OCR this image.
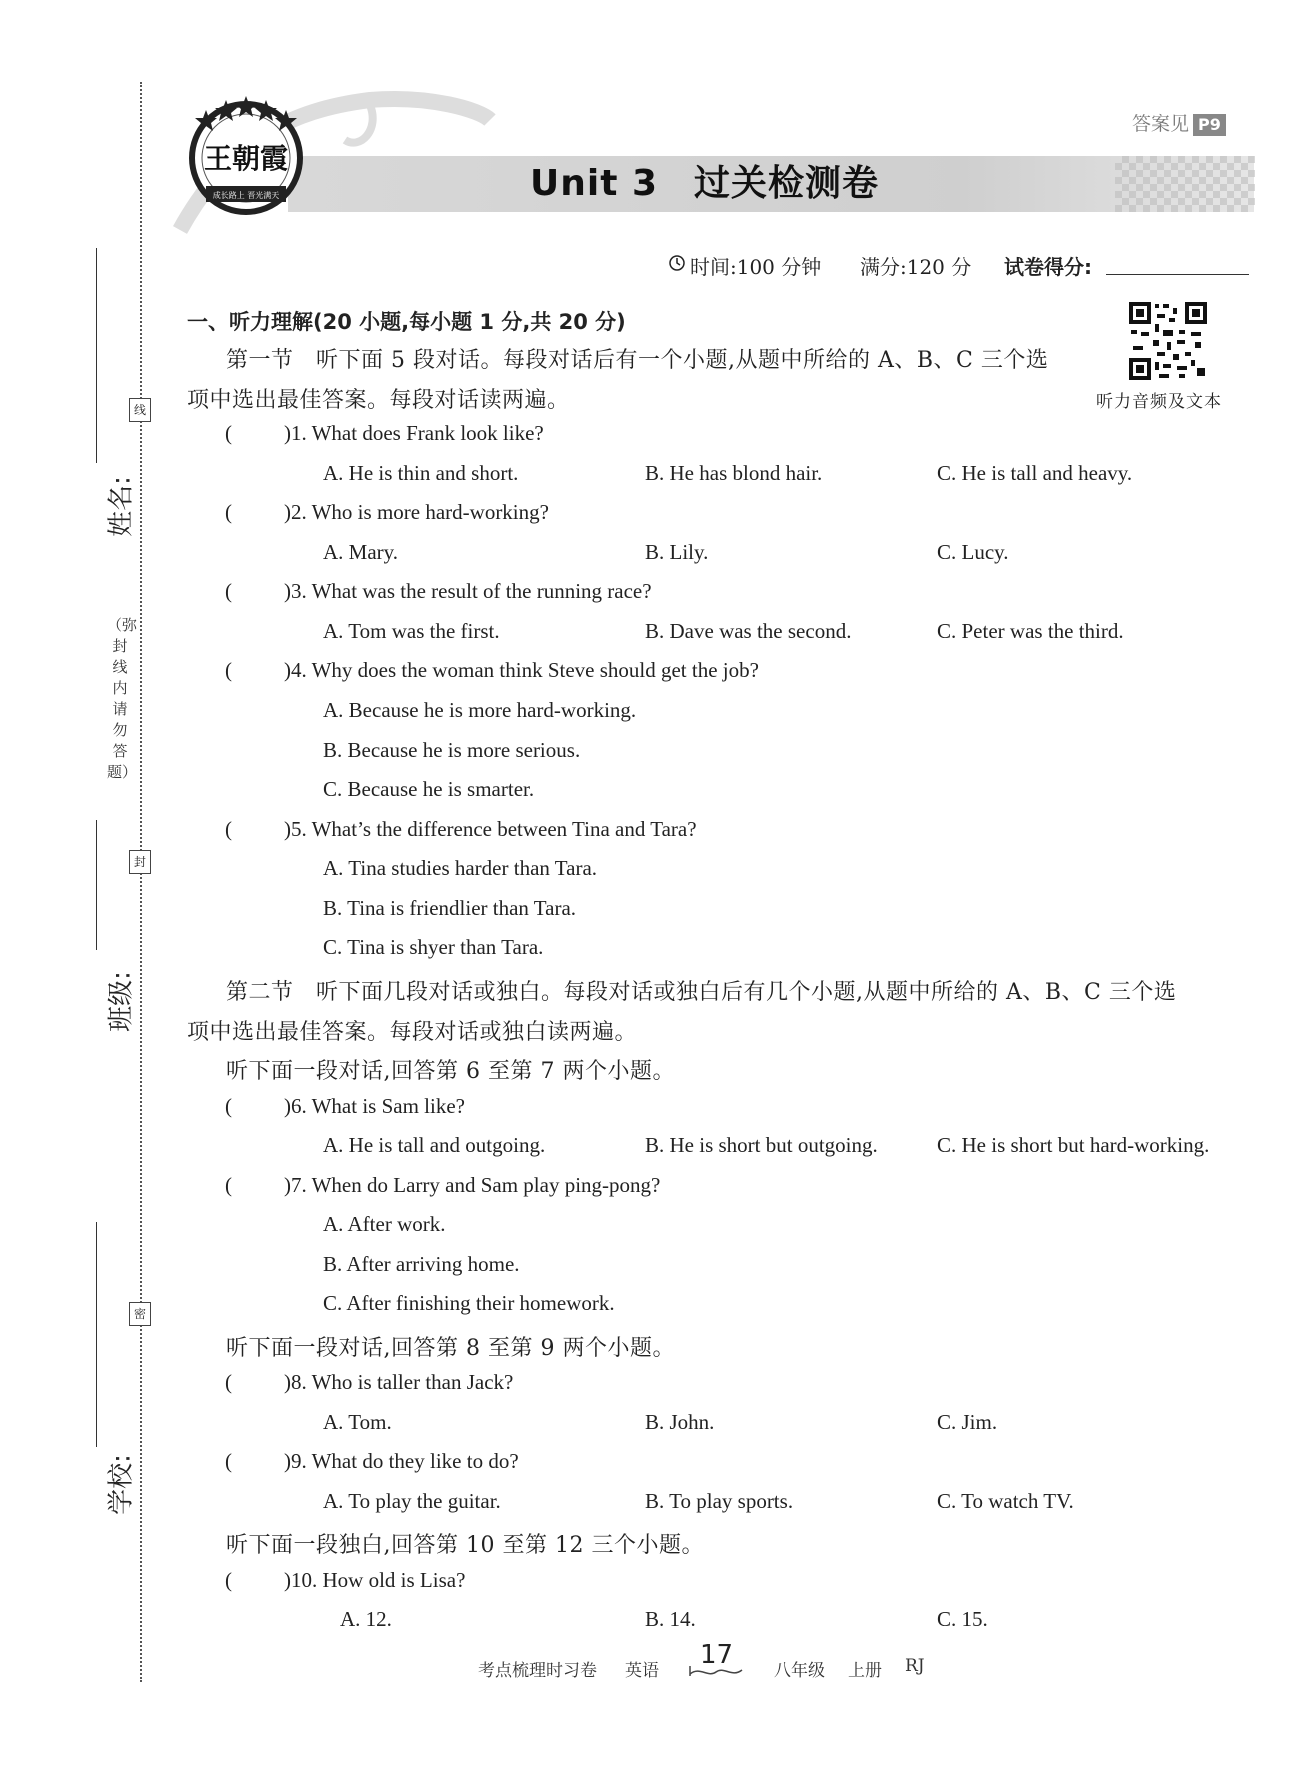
姓名:
班级:
学校:
线
封
密
（弥封线内请勿答题）
Unit 3 过关检测卷
答案见 P9
王朝霞
成长路上 晋光满天
时间:100 分钟 满分:120 分 试卷得分:
听力音频及文本
一、听力理解(20 小题,每小题 1 分,共 20 分)
第一节　听下面 5 段对话。每段对话后有一个小题,从题中所给的 A、B、C 三个选
项中选出最佳答案。每段对话读两遍。
( )1. What does Frank look like?
A. He is thin and short.	B. He has blond hair.	C. He is tall and heavy.
( )2. Who is more hard-working?
A. Mary.	B. Lily.	C. Lucy.
( )3. What was the result of the running race?
A. Tom was the first.	B. Dave was the second.	C. Peter was the third.
( )4. Why does the woman think Steve should get the job?
A. Because he is more hard-working.
B. Because he is more serious.
C. Because he is smarter.
( )5. What’s the difference between Tina and Tara?
A. Tina studies harder than Tara.
B. Tina is friendlier than Tara.
C. Tina is shyer than Tara.
第二节　听下面几段对话或独白。每段对话或独白后有几个小题,从题中所给的 A、B、C 三个选
项中选出最佳答案。每段对话或独白读两遍。
听下面一段对话,回答第 6 至第 7 两个小题。
( )6. What is Sam like?
A. He is tall and outgoing.	B. He is short but outgoing.	C. He is short but hard-working.
( )7. When do Larry and Sam play ping-pong?
A. After work.
B. After arriving home.
C. After finishing their homework.
听下面一段对话,回答第 8 至第 9 两个小题。
( )8. Who is taller than Jack?
A. Tom.	B. John.	C. Jim.
( )9. What do they like to do?
A. To play the guitar.	B. To play sports.	C. To watch TV.
听下面一段独白,回答第 10 至第 12 三个小题。
( )10. How old is Lisa?
A. 12.	B. 14.	C. 15.
考点梳理时习卷 英语
17
八年级 上册 RJ
